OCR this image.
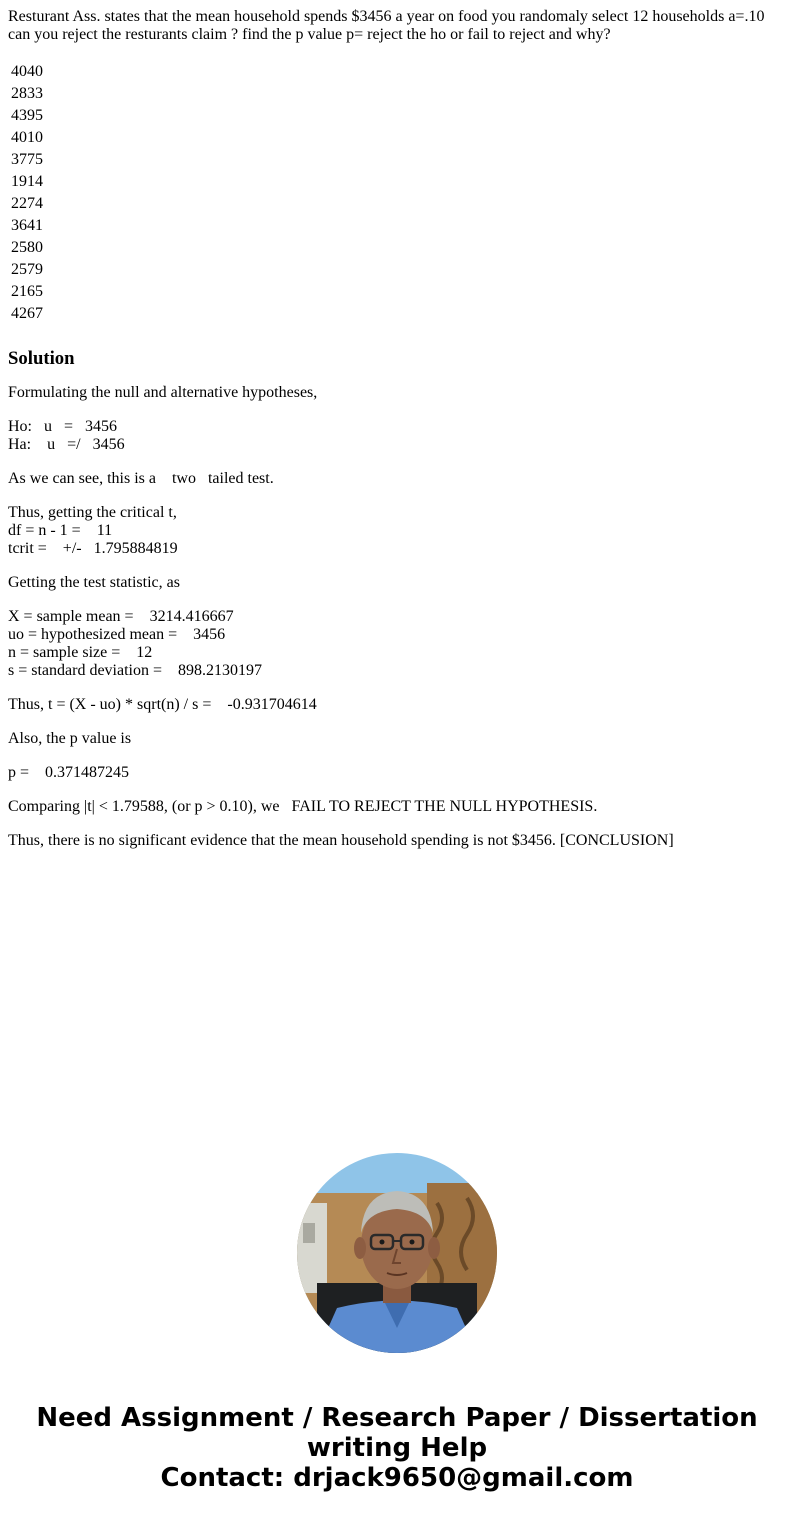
Resturant Ass. states that the mean household spends $3456 a year on food you randomaly select 12 households a=.10 can you reject the resturants claim ? find the p value p= reject the ho or fail to reject and why?

4040
2833
4395
4010
3775
1914
2274
3641
2580
2579
2165
4267
Solution

Formulating the null and alternative hypotheses,

Ho:   u   =   3456
Ha:    u   =/   3456

As we can see, this is a    two   tailed test.

Thus, getting the critical t,
df = n - 1 =    11
tcrit =    +/-   1.795884819

Getting the test statistic, as

X = sample mean =    3214.416667
uo = hypothesized mean =    3456
n = sample size =    12
s = standard deviation =    898.2130197

Thus, t = (X - uo) * sqrt(n) / s =    -0.931704614

Also, the p value is

p =    0.371487245

Comparing |t| < 1.79588, (or p > 0.10), we   FAIL TO REJECT THE NULL HYPOTHESIS.

Thus, there is no significant evidence that the mean household spending is not $3456. [CONCLUSION]

Need Assignment / Research Paper / Dissertation
writing Help
Contact: drjack9650@gmail.com
